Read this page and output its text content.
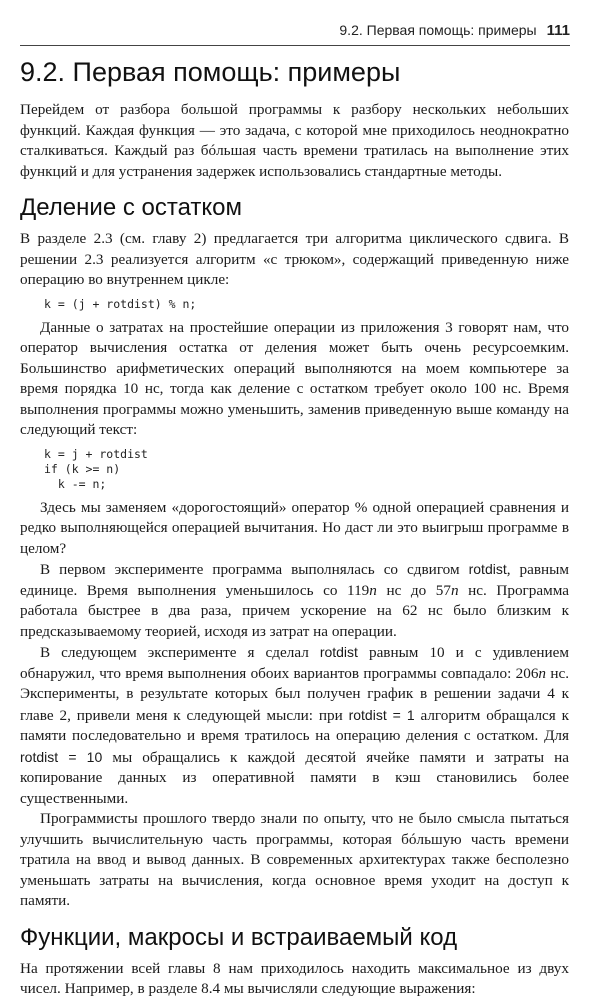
9.2. Первая помощь: примеры 111
9.2. Первая помощь: примеры

Перейдем от разбора большой программы к разбору нескольких небольших функций. Каждая функция — это задача, с которой мне приходилось неоднократно сталкиваться. Каждый раз бóльшая часть времени тратилась на выполнение этих функций и для устранения задержек использовались стандартные методы.

Деление с остатком

В разделе 2.3 (см. главу 2) предлагается три алгоритма циклического сдвига. В решении 2.3 реализуется алгоритм «с трюком», содержащий приведенную ниже операцию во внутреннем цикле:

k = (j + rotdist) % n;

Данные о затратах на простейшие операции из приложения 3 говорят нам, что оператор вычисления остатка от деления может быть очень ресурсоемким. Большинство арифметических операций выполняются на моем компьютере за время порядка 10 нс, тогда как деление с остатком требует около 100 нс. Время выполнения программы можно уменьшить, заменив приведенную выше команду на следующий текст:

k = j + rotdist
if (k >= n)
k -= n;

Здесь мы заменяем «дорогостоящий» оператор % одной операцией сравнения и редко выполняющейся операцией вычитания. Но даст ли это выигрыш программе в целом?

В первом эксперименте программа выполнялась со сдвигом rotdist, равным единице. Время выполнения уменьшилось со 119n нс до 57n нс. Программа работала быстрее в два раза, причем ускорение на 62 нс было близким к предсказываемому теорией, исходя из затрат на операции.

В следующем эксперименте я сделал rotdist равным 10 и с удивлением обнаружил, что время выполнения обоих вариантов программы совпадало: 206n нс. Эксперименты, в результате которых был получен график в решении задачи 4 к главе 2, привели меня к следующей мысли: при rotdist = 1 алгоритм обращался к памяти последовательно и время тратилось на операцию деления с остатком. Для rotdist = 10 мы обращались к каждой десятой ячейке памяти и затраты на копирование данных из оперативной памяти в кэш становились более существенными.

Программисты прошлого твердо знали по опыту, что не было смысла пытаться улучшить вычислительную часть программы, которая бóльшую часть времени тратила на ввод и вывод данных. В современных архитектурах также бесполезно уменьшать затраты на вычисления, когда основное время уходит на доступ к памяти.

Функции, макросы и встраиваемый код

На протяжении всей главы 8 нам приходилось находить максимальное из двух чисел. Например, в разделе 8.4 мы вычисляли следующие выражения:
